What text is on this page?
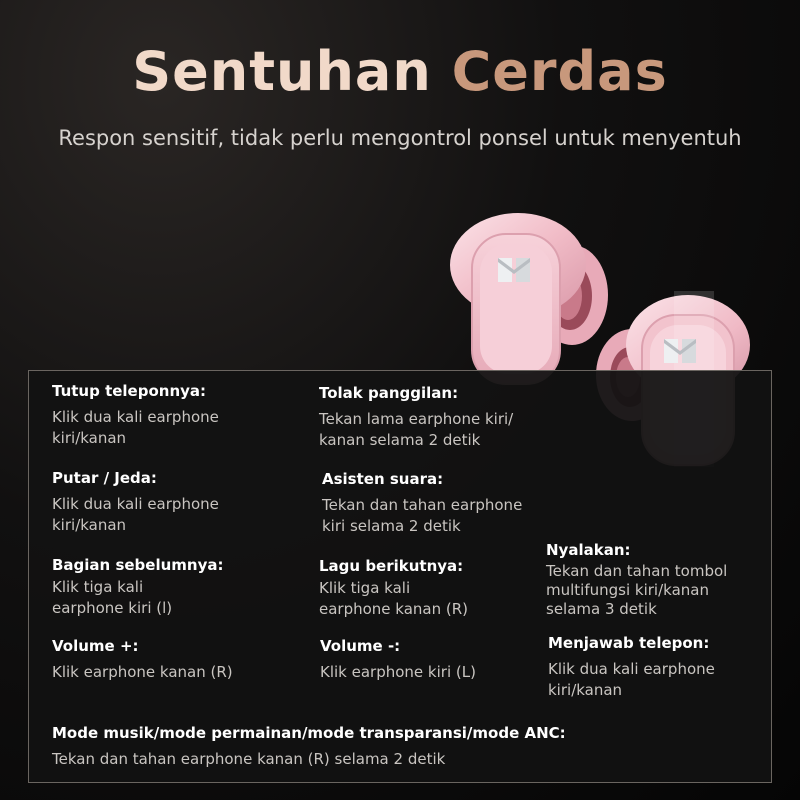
Sentuhan Cerdas

Respon sensitif, tidak perlu mengontrol ponsel untuk menyentuh

Tutup teleponnya:
Klik dua kali earphone
kiri/kanan
Tolak panggilan:
Tekan lama earphone kiri/
kanan selama 2 detik
Putar / Jeda:
Klik dua kali earphone
kiri/kanan
Asisten suara:
Tekan dan tahan earphone
kiri selama 2 detik
Nyalakan:
Tekan dan tahan tombol
multifungsi kiri/kanan
selama 3 detik
Bagian sebelumnya:
Klik tiga kali
earphone kiri (l)
Lagu berikutnya:
Klik tiga kali
earphone kanan (R)
Volume +:
Klik earphone kanan (R)
Volume -:
Klik earphone kiri (L)
Menjawab telepon:
Klik dua kali earphone
kiri/kanan
Mode musik/mode permainan/mode transparansi/mode ANC:
Tekan dan tahan earphone kanan (R) selama 2 detik
